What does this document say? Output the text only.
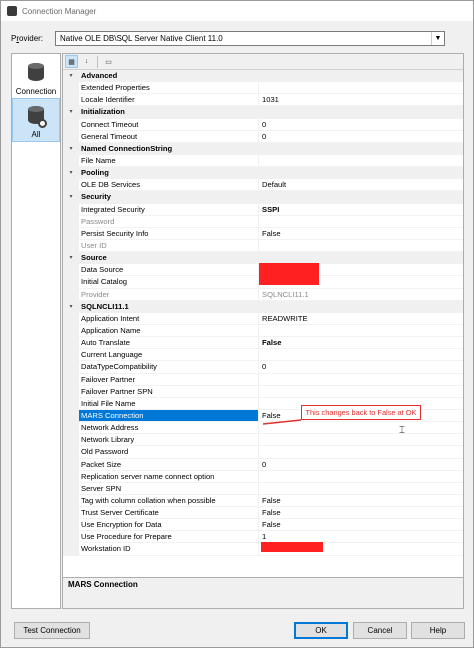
Connection Manager
Provider:	Native OLE DB\SQL Server Native Client 11.0	▼
Connection
All
▦	↓	▭
▾	Advanced
Extended Properties
Locale Identifier	1031
▾	Initialization
Connect Timeout	0
General Timeout	0
▾	Named ConnectionString
File Name
▾	Pooling
OLE DB Services	Default
▾	Security
Integrated Security	SSPI
Password
Persist Security Info	False
User ID
▾	Source
Data Source
Initial Catalog
Provider	SQLNCLI11.1
▾	SQLNCLI11.1
Application Intent	READWRITE
Application Name
Auto Translate	False
Current Language
DataTypeCompatibility	0
Failover Partner
Failover Partner SPN
Initial File Name
MARS Connection	False
Network Address
Network Library
Old Password
Packet Size	0
Replication server name connect option
Server SPN
Tag with column collation when possible	False
Trust Server Certificate	False
Use Encryption for Data	False
Use Procedure for Prepare	1
Workstation ID
MARS Connection
This changes back to False at OK
⌶
Test Connection	OK	Cancel	Help
